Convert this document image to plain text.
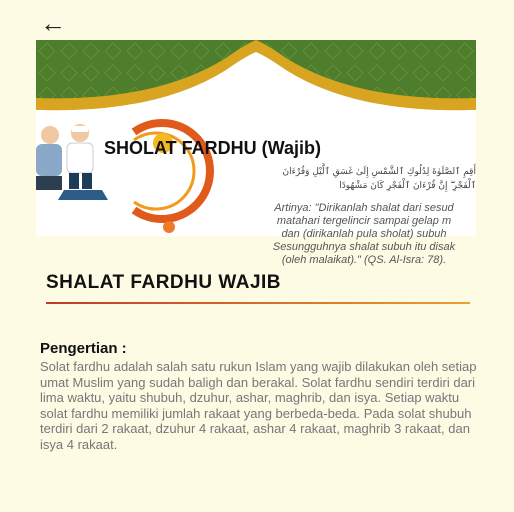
←
SHOLAT FARDHU (Wajib)
أَقِمِ ٱلصَّلَوٰةَ لِدُلُوكِ ٱلشَّمْسِ إِلَىٰ غَسَقِ ٱلَّيْلِ وَقُرْءَانَ
ٱلْفَجْرِ ۖ إِنَّ قُرْءَانَ ٱلْفَجْرِ كَانَ مَشْهُودًا
Artinya: "Dirikanlah shalat dari sesud
matahari tergelincir sampai gelap m
dan (dirikanlah pula sholat) subuh
Sesungguhnya shalat subuh itu disak
(oleh malaikat)." (QS. Al-Isra: 78).
SHALAT FARDHU WAJIB
Pengertian :
Solat fardhu adalah salah satu rukun Islam yang wajib dilakukan oleh setiap umat Muslim yang sudah baligh dan berakal. Solat fardhu sendiri terdiri dari lima waktu, yaitu shubuh, dzuhur, ashar, maghrib, dan isya. Setiap waktu solat fardhu memiliki jumlah rakaat yang berbeda-beda. Pada solat shubuh terdiri dari 2 rakaat, dzuhur 4 rakaat, ashar 4 rakaat, maghrib 3 rakaat, dan isya 4 rakaat.
